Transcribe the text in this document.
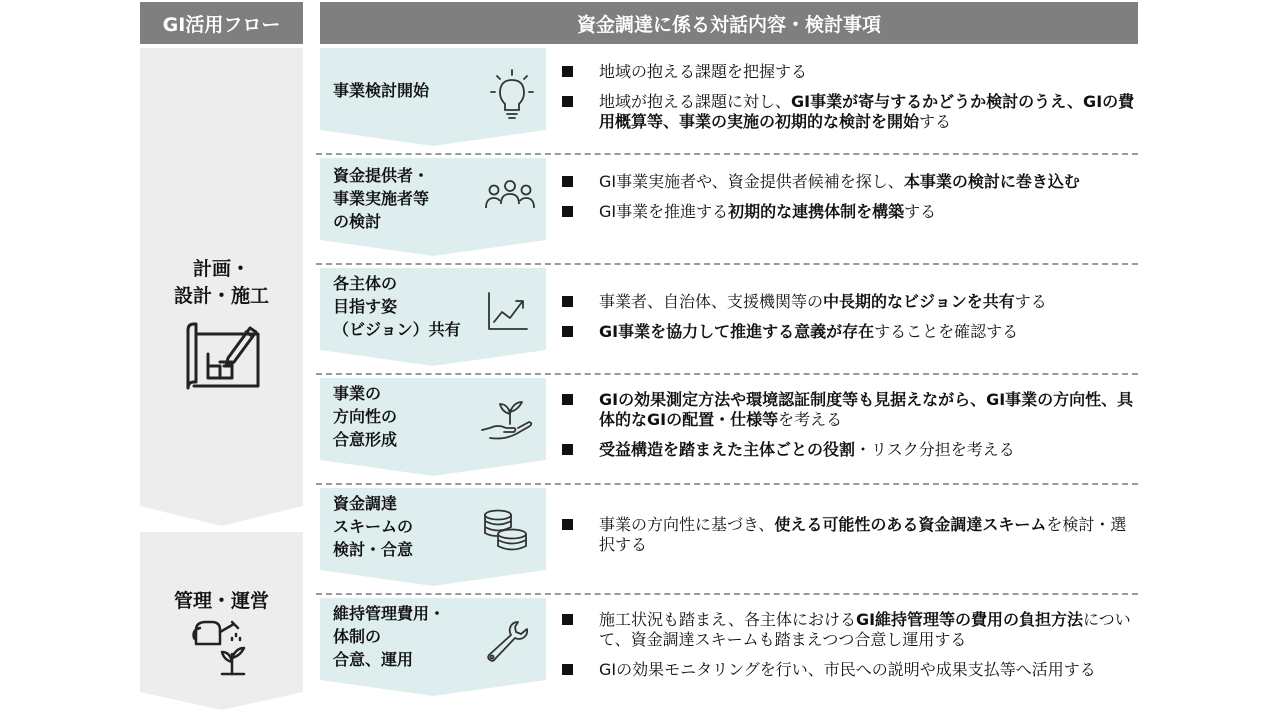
GI活用フロー	資金調達に係る対話内容・検討事項
計画・
設計・施工
管理・運営
事業検討開始
資金提供者・
事業実施者等
の検討
各主体の
目指す姿
（ビジョン）共有
事業の
方向性の
合意形成
資金調達
スキームの
検討・合意
維持管理費用・
体制の
合意、運用
地域の抱える課題を把握する
地域が抱える課題に対し、GI事業が寄与するかどうか検討のうえ、GIの費用概算等、事業の実施の初期的な検討を開始する
GI事業実施者や、資金提供者候補を探し、本事業の検討に巻き込む
GI事業を推進する初期的な連携体制を構築する
事業者、自治体、支援機関等の中長期的なビジョンを共有する
GI事業を協力して推進する意義が存在することを確認する
GIの効果測定方法や環境認証制度等も見据えながら、GI事業の方向性、具体的なGIの配置・仕様等を考える
受益構造を踏まえた主体ごとの役割・リスク分担を考える
事業の方向性に基づき、使える可能性のある資金調達スキームを検討・選択する
施工状況も踏まえ、各主体におけるGI維持管理等の費用の負担方法について、資金調達スキームも踏まえつつ合意し運用する
GIの効果モニタリングを行い、市民への説明や成果支払等へ活用する
